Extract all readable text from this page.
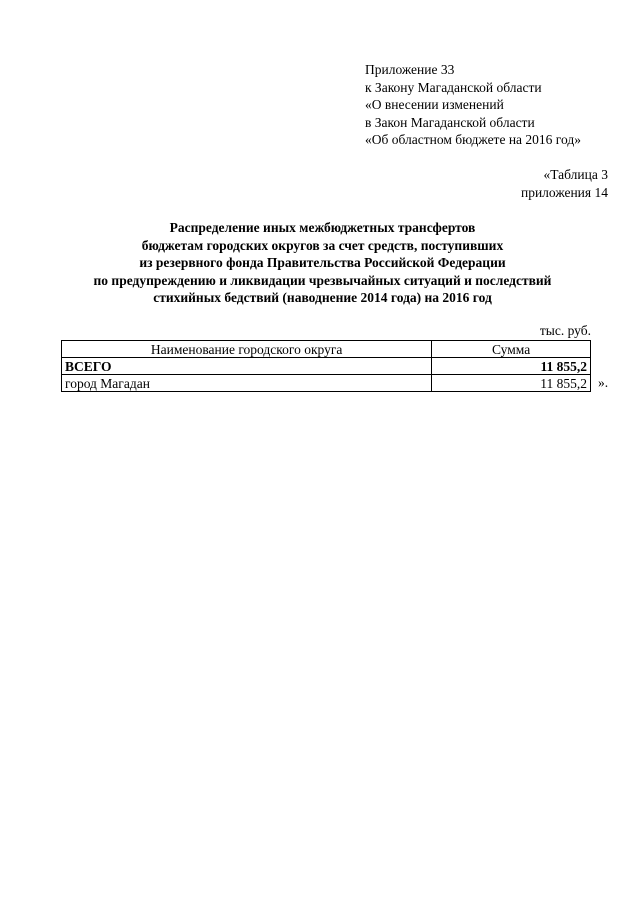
Приложение 33
к Закону Магаданской области
«О внесении изменений
в Закон Магаданской области
«Об областном бюджете на 2016 год»
«Таблица 3
приложения 14
Распределение иных межбюджетных трансфертов
бюджетам городских округов за счет средств, поступивших
из резервного фонда Правительства Российской Федерации
по предупреждению и ликвидации чрезвычайных ситуаций и последствий
стихийных бедствий (наводнение 2014 года) на 2016 год
тыс. руб.
Наименование городского округа	Сумма
ВСЕГО	11 855,2
город Магадан	11 855,2 ».
